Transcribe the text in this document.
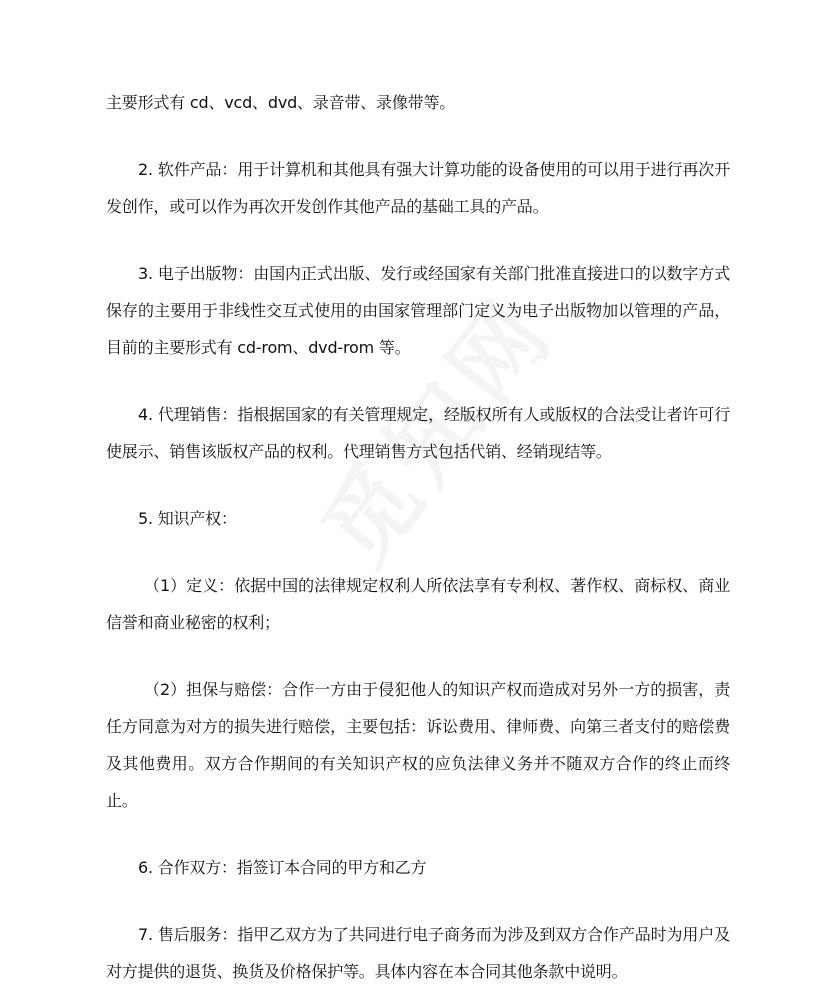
主要形式有 cd、vcd、dvd、录音带、录像带等。

2. 软件产品：用于计算机和其他具有强大计算功能的设备使用的可以用于进行再次开发创作，或可以作为再次开发创作其他产品的基础工具的产品。

3. 电子出版物：由国内正式出版、发行或经国家有关部门批准直接进口的以数字方式保存的主要用于非线性交互式使用的由国家管理部门定义为电子出版物加以管理的产品，目前的主要形式有 cd-rom、dvd-rom 等。

4. 代理销售：指根据国家的有关管理规定，经版权所有人或版权的合法受让者许可行使展示、销售该版权产品的权利。代理销售方式包括代销、经销现结等。

5. 知识产权：

（1）定义：依据中国的法律规定权利人所依法享有专利权、著作权、商标权、商业信誉和商业秘密的权利；

（2）担保与赔偿：合作一方由于侵犯他人的知识产权而造成对另外一方的损害，责任方同意为对方的损失进行赔偿，主要包括：诉讼费用、律师费、向第三者支付的赔偿费及其他费用。双方合作期间的有关知识产权的应负法律义务并不随双方合作的终止而终止。

6. 合作双方：指签订本合同的甲方和乙方

7. 售后服务：指甲乙双方为了共同进行电子商务而为涉及到双方合作产品时为用户及对方提供的退货、换货及价格保护等。具体内容在本合同其他条款中说明。
